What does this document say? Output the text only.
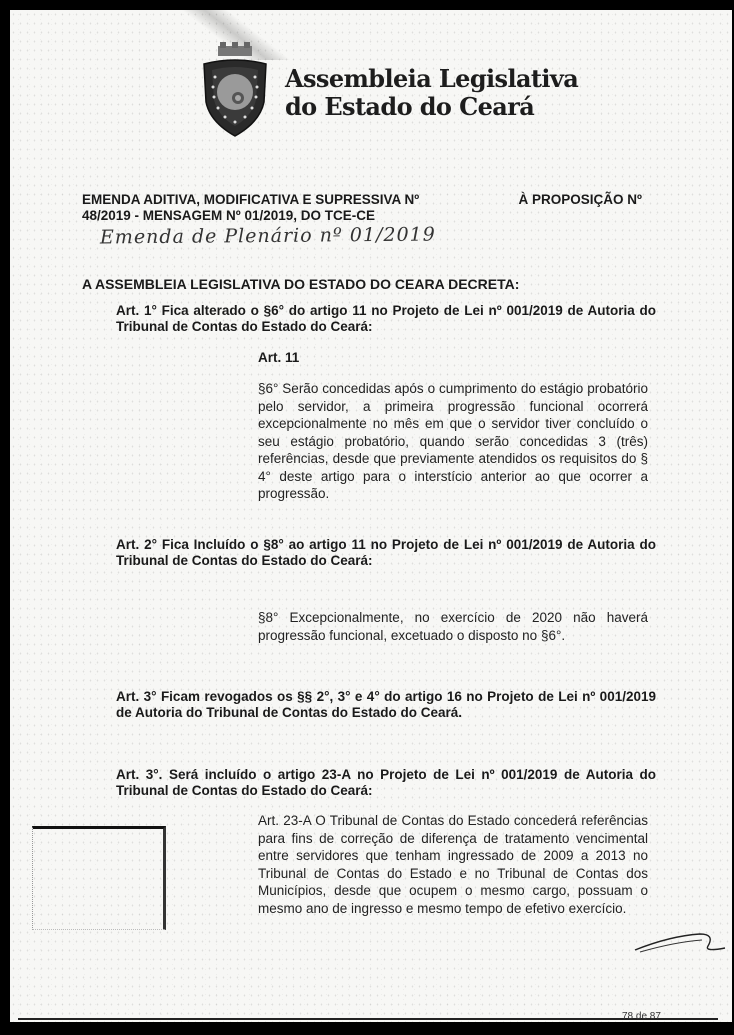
Assembleia Legislativa
do Estado do Ceará
EMENDA ADITIVA, MODIFICATIVA E SUPRESSIVA Nº	À PROPOSIÇÃO Nº
48/2019 - MENSAGEM Nº 01/2019, DO TCE-CE
Emenda de Plenário nº 01/2019
A ASSEMBLEIA LEGISLATIVA DO ESTADO DO CEARA DECRETA:
Art. 1° Fica alterado o §6° do artigo 11 no Projeto de Lei nº 001/2019 de Autoria do Tribunal de Contas do Estado do Ceará:
Art. 11
§6° Serão concedidas após o cumprimento do estágio probatório pelo servidor, a primeira progressão funcional ocorrerá excepcionalmente no mês em que o servidor tiver concluído o seu estágio probatório, quando serão concedidas 3 (três) referências, desde que previamente atendidos os requisitos do § 4° deste artigo para o interstício anterior ao que ocorrer a progressão.
Art. 2° Fica Incluído o §8° ao artigo 11 no Projeto de Lei nº 001/2019 de Autoria do Tribunal de Contas do Estado do Ceará:
§8° Excepcionalmente, no exercício de 2020 não haverá progressão funcional, excetuado o disposto no §6°.
Art. 3° Ficam revogados os §§ 2°, 3° e 4° do artigo 16 no Projeto de Lei nº 001/2019 de Autoria do Tribunal de Contas do Estado do Ceará.
Art. 3°. Será incluído o artigo 23-A no Projeto de Lei nº 001/2019 de Autoria do Tribunal de Contas do Estado do Ceará:
Art. 23-A O Tribunal de Contas do Estado concederá referências para fins de correção de diferença de tratamento vencimental entre servidores que tenham ingressado de 2009 a 2013 no Tribunal de Contas do Estado e no Tribunal de Contas dos Municípios, desde que ocupem o mesmo cargo, possuam o mesmo ano de ingresso e mesmo tempo de efetivo exercício.
78 de 87
